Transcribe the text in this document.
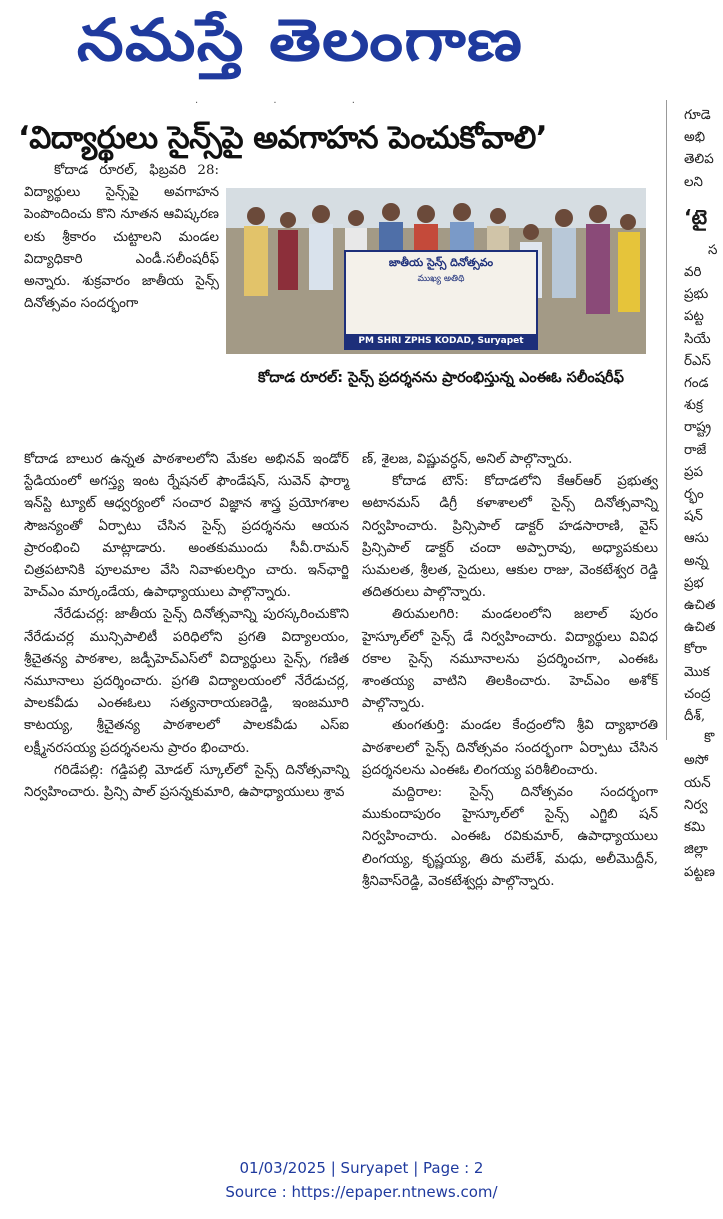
నమస్తే తెలంగాణ
· · ·
‘విద్యార్థులు సైన్స్‌పై అవగాహన పెంచుకోవాలి’

కోదాడ రూరల్, ఫిబ్రవరి 28: విద్యార్థులు సైన్స్‌పై అవగాహన పెంపొందించు కొని నూతన ఆవిష్కరణ లకు శ్రీకారం చుట్టాలని మండల విద్యాధికారి ఎండీ.సలీంషరీఫ్ అన్నారు. శుక్రవారం జాతీయ సైన్స్ దినోత్సవం సందర్భంగా

జాతీయ సైన్స్ దినోత్సవం
ముఖ్య అతిథి
PM SHRI ZPHS KODAD, Suryapet
కోదాడ రూరల్: సైన్స్ ప్రదర్శనను ప్రారంభిస్తున్న ఎంఈఓ సలీంషరీఫ్

కోదాడ బాలుర ఉన్నత పాఠశాలలోని మేకల అభినవ్ ఇండోర్ స్టేడియంలో అగస్త్య ఇంట ర్నేషనల్ ఫౌండేషన్, సువెన్ ఫార్మా ఇన్‌స్టి ట్యూట్ ఆధ్వర్యంలో సంచార విజ్ఞాన శాస్త్ర ప్రయోగశాల సౌజన్యంతో ఏర్పాటు చేసిన సైన్స్ ప్రదర్శనను ఆయన ప్రారంభించి మాట్లాడారు. అంతకుముందు సీవీ.రామన్ చిత్రపటానికి పూలమాల వేసి నివాళులర్పిం చారు. ఇన్‌ఛార్జి హెచ్‌ఎం మార్కండేయ, ఉపాధ్యాయులు పాల్గొన్నారు.

నేరేడుచర్ల: జాతీయ సైన్స్ దినోత్సవాన్ని పురస్కరించుకొని నేరేడుచర్ల మున్సిపాలిటీ పరిధిలోని ప్రగతి విద్యాలయం, శ్రీచైతన్య పాఠశాల, జడ్పీహెచ్‌ఎస్‌లో విద్యార్థులు సైన్స్, గణిత నమూనాలు ప్రదర్శించారు. ప్రగతి విద్యాలయంలో నేరేడుచర్ల, పాలకవీడు ఎంఈఓలు సత్యనారాయణరెడ్డి, ఇంజమూరి కాటయ్య, శ్రీచైతన్య పాఠశాలలో పాలకవీడు ఎస్‌ఐ లక్ష్మీనరసయ్య ప్రదర్శనలను ప్రారం భించారు.

గరిడేపల్లి: గడ్డిపల్లి మోడల్ స్కూల్‌లో సైన్స్ దినోత్సవాన్ని నిర్వహించారు. ప్రిన్సి పాల్ ప్రసన్నకుమారి, ఉపాధ్యాయులు శ్రావ

ణ్, శైలజ, విష్ణువర్ధన్, అనిల్ పాల్గొన్నారు.

కోదాడ టౌన్: కోదాడలోని కేఆర్‌ఆర్ ప్రభుత్వ అటానమస్ డిగ్రీ కళాశాలలో సైన్స్ దినోత్సవాన్ని నిర్వహించారు. ప్రిన్సిపాల్ డాక్టర్ హడసారాణి, వైస్ ప్రిన్సిపాల్ డాక్టర్ చందా అప్పారావు, అధ్యాపకులు సుమలత, శ్రీలత, సైదులు, ఆకుల రాజు, వెంకటేశ్వర రెడ్డి తదితరులు పాల్గొన్నారు.

తిరుమలగిరి: మండలంలోని జలాల్ పురం హైస్కూల్‌లో సైన్స్ డే నిర్వహించారు. విద్యార్థులు వివిధ రకాల సైన్స్ నమూనాలను ప్రదర్శించగా, ఎంఈఓ శాంతయ్య వాటిని తిలకించారు. హెచ్‌ఎం అశోక్ పాల్గొన్నారు.

తుంగతుర్తి: మండల కేంద్రంలోని శ్రీవి ద్యాభారతి పాఠశాలలో సైన్స్ దినోత్సవం సందర్భంగా ఏర్పాటు చేసిన ప్రదర్శనలను ఎంఈఓ లింగయ్య పరిశీలించారు.

మద్దిరాల: సైన్స్ దినోత్సవం సందర్భంగా ముకుందాపురం హైస్కూల్‌లో సైన్స్ ఎగ్జిబి షన్ నిర్వహించారు. ఎంఈఓ రవికుమార్, ఉపాధ్యాయులు లింగయ్య, కృష్ణయ్య, తిరు మలేశ్, మధు, అలీమొద్దీన్, శ్రీనివాస్‌రెడ్డి, వెంకటేశ్వర్లు పాల్గొన్నారు.

గూడె

అభి

తెలిప

లని

‘టై

స

వరి

ప్రభు

పట్ట

సియే

ర్ఎస్

గండ

శుక్ర

రాష్ట్ర

రాజే

ప్రప

ర్భం

షన్

ఆసు

అన్న

ప్రభ

ఉచిత

ఉచిత

కోరా

మొక

చంద్ర

దీశ్,

కొ

అసో

యన్

నిర్వ

కమి

జిల్లా

పట్టణ

01/03/2025 | Suryapet | Page : 2
Source : https://epaper.ntnews.com/
